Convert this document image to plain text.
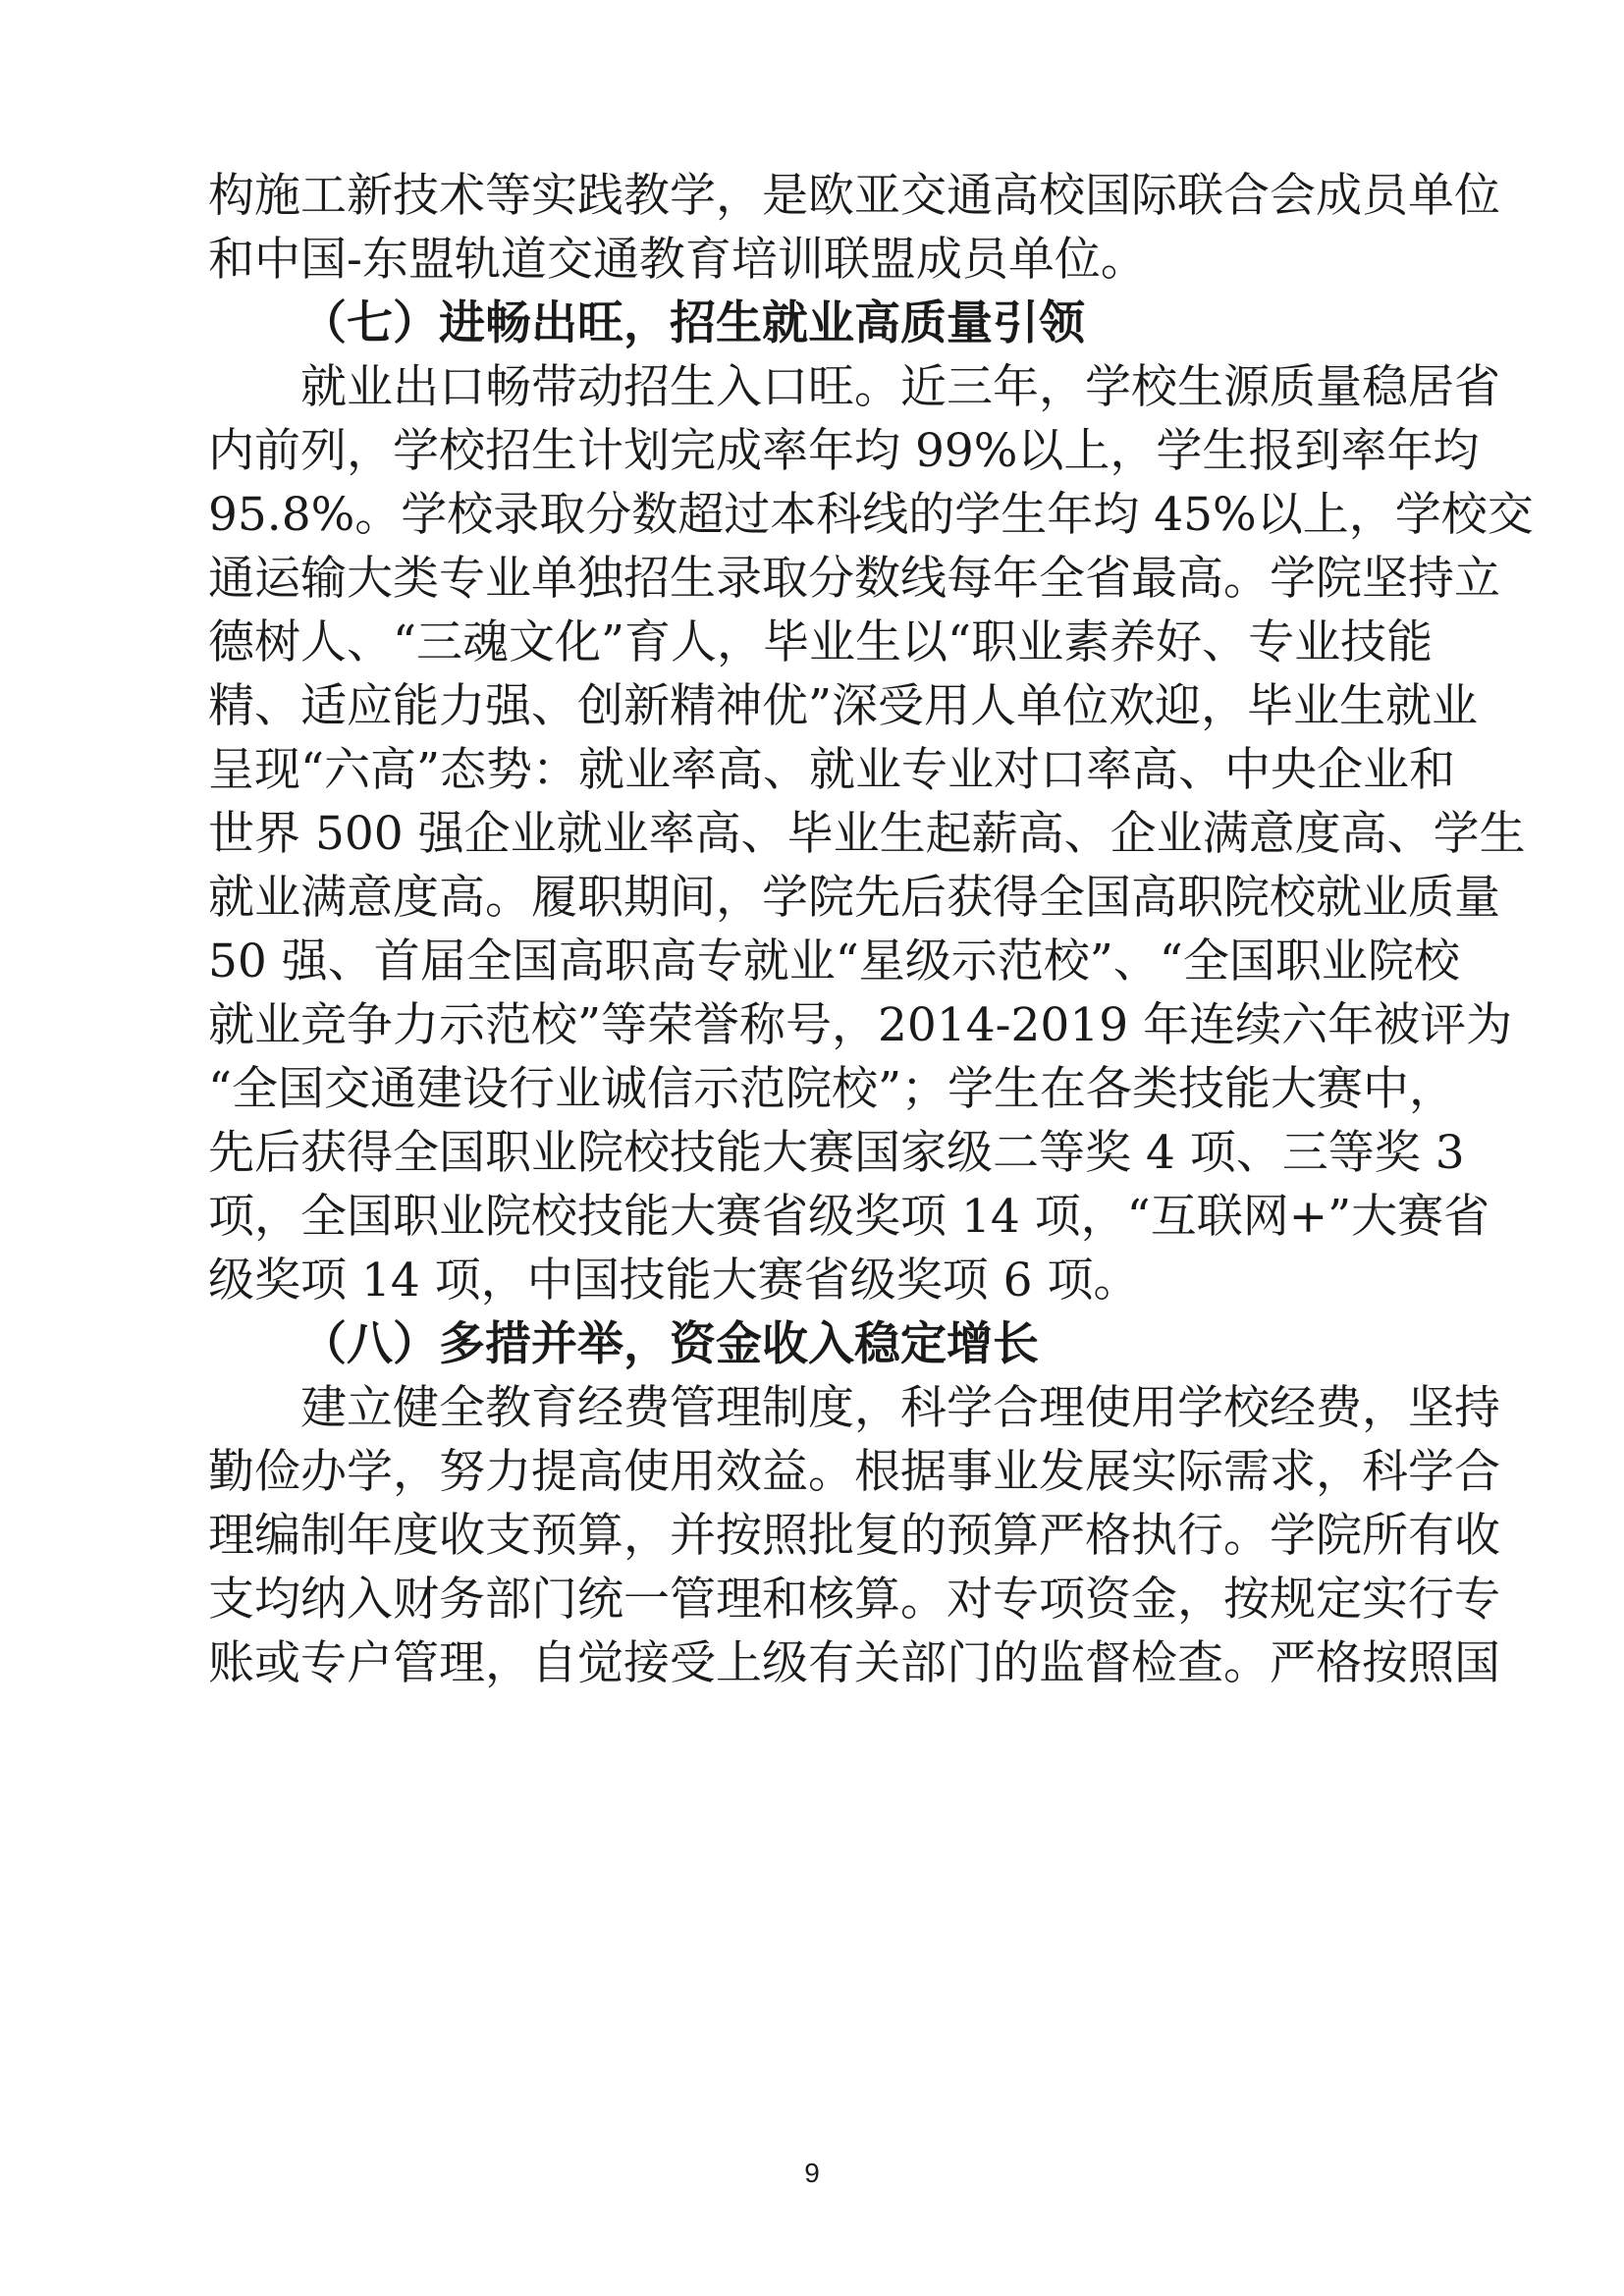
构施工新技术等实践教学，是欧亚交通高校国际联合会成员单位
和中国-东盟轨道交通教育培训联盟成员单位。
（七）进畅出旺，招生就业高质量引领
就业出口畅带动招生入口旺。近三年，学校生源质量稳居省
内前列，学校招生计划完成率年均 99%以上，学生报到率年均
95.8%。学校录取分数超过本科线的学生年均 45%以上，学校交
通运输大类专业单独招生录取分数线每年全省最高。学院坚持立
德树人、“三魂文化”育人，毕业生以“职业素养好、专业技能
精、适应能力强、创新精神优”深受用人单位欢迎，毕业生就业
呈现“六高”态势：就业率高、就业专业对口率高、中央企业和
世界 500 强企业就业率高、毕业生起薪高、企业满意度高、学生
就业满意度高。履职期间，学院先后获得全国高职院校就业质量
50 强、首届全国高职高专就业“星级示范校”、“全国职业院校
就业竞争力示范校”等荣誉称号，2014-2019 年连续六年被评为
“全国交通建设行业诚信示范院校”；学生在各类技能大赛中，
先后获得全国职业院校技能大赛国家级二等奖 4 项、三等奖 3
项，全国职业院校技能大赛省级奖项 14 项，“互联网+”大赛省
级奖项 14 项，中国技能大赛省级奖项 6 项。
（八）多措并举，资金收入稳定增长
建立健全教育经费管理制度，科学合理使用学校经费，坚持
勤俭办学，努力提高使用效益。根据事业发展实际需求，科学合
理编制年度收支预算，并按照批复的预算严格执行。学院所有收
支均纳入财务部门统一管理和核算。对专项资金，按规定实行专
账或专户管理，自觉接受上级有关部门的监督检查。严格按照国
9
